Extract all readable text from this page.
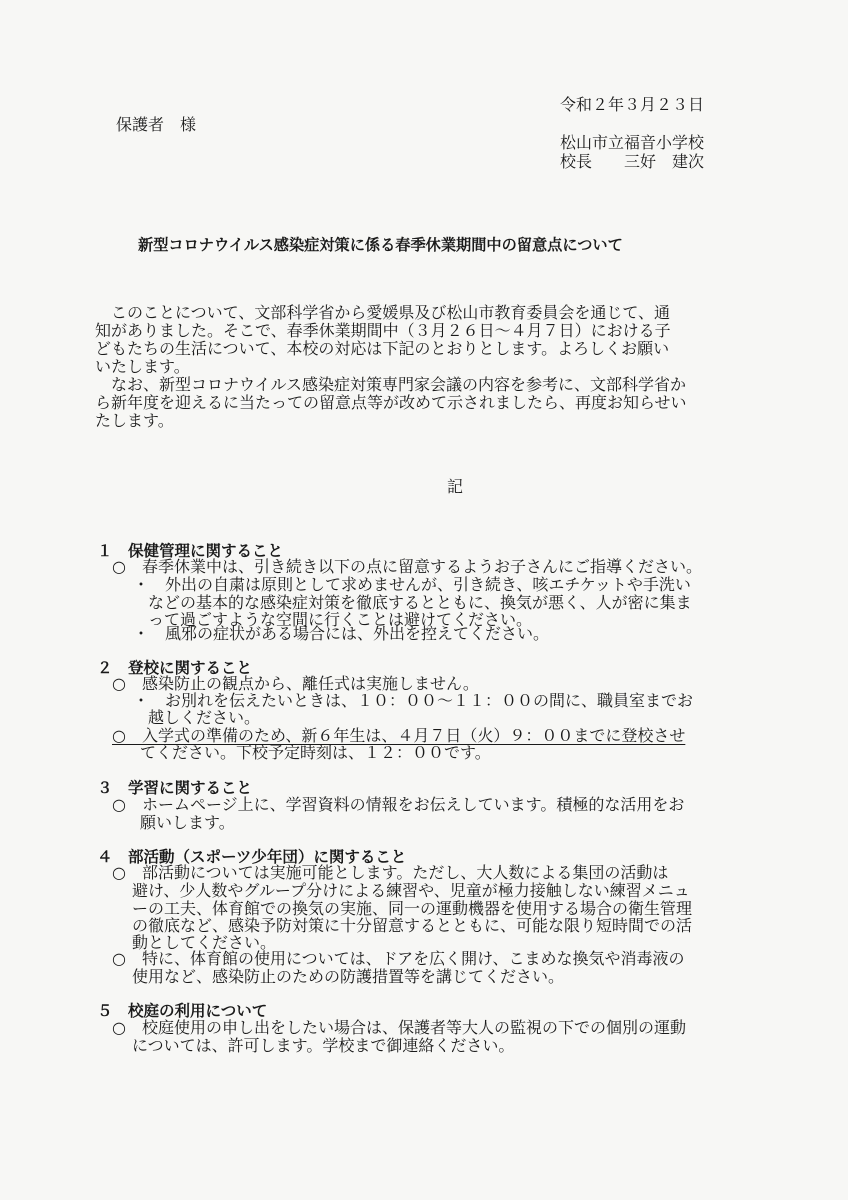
保護者　様
令和２年３月２３日
松山市立福音小学校
校長　　三好　建次
新型コロナウイルス感染症対策に係る春季休業期間中の留意点について
　このことについて、文部科学省から愛媛県及び松山市教育委員会を通じて、通
知がありました。そこで、春季休業期間中（３月２６日～４月７日）における子
どもたちの生活について、本校の対応は下記のとおりとします。よろしくお願い
いたします。
　なお、新型コロナウイルス感染症対策専門家会議の内容を参考に、文部科学省か
ら新年度を迎えるに当たっての留意点等が改めて示されましたら、再度お知らせい
たします。
記
１　保健管理に関すること
○　春季休業中は、引き続き以下の点に留意するようお子さんにご指導ください。
・　外出の自粛は原則として求めませんが、引き続き、咳エチケットや手洗い
などの基本的な感染症対策を徹底するとともに、換気が悪く、人が密に集ま
って過ごすような空間に行くことは避けてください。
・　風邪の症状がある場合には、外出を控えてください。
２　登校に関すること
○　感染防止の観点から、離任式は実施しません。
・　お別れを伝えたいときは、１０：００～１１：００の間に、職員室までお
越しください。
○　入学式の準備のため、新６年生は、４月７日（火）９：００までに登校させ
てください。下校予定時刻は、１２：００です。
３　学習に関すること
○　ホームページ上に、学習資料の情報をお伝えしています。積極的な活用をお
願いします。
４　部活動（スポーツ少年団）に関すること
○　部活動については実施可能とします。ただし、大人数による集団の活動は
避け、少人数やグループ分けによる練習や、児童が極力接触しない練習メニュ
ーの工夫、体育館での換気の実施、同一の運動機器を使用する場合の衛生管理
の徹底など、感染予防対策に十分留意するとともに、可能な限り短時間での活
動としてください。
○　特に、体育館の使用については、ドアを広く開け、こまめな換気や消毒液の
使用など、感染防止のための防護措置等を講じてください。
５　校庭の利用について
○　校庭使用の申し出をしたい場合は、保護者等大人の監視の下での個別の運動
については、許可します。学校まで御連絡ください。
